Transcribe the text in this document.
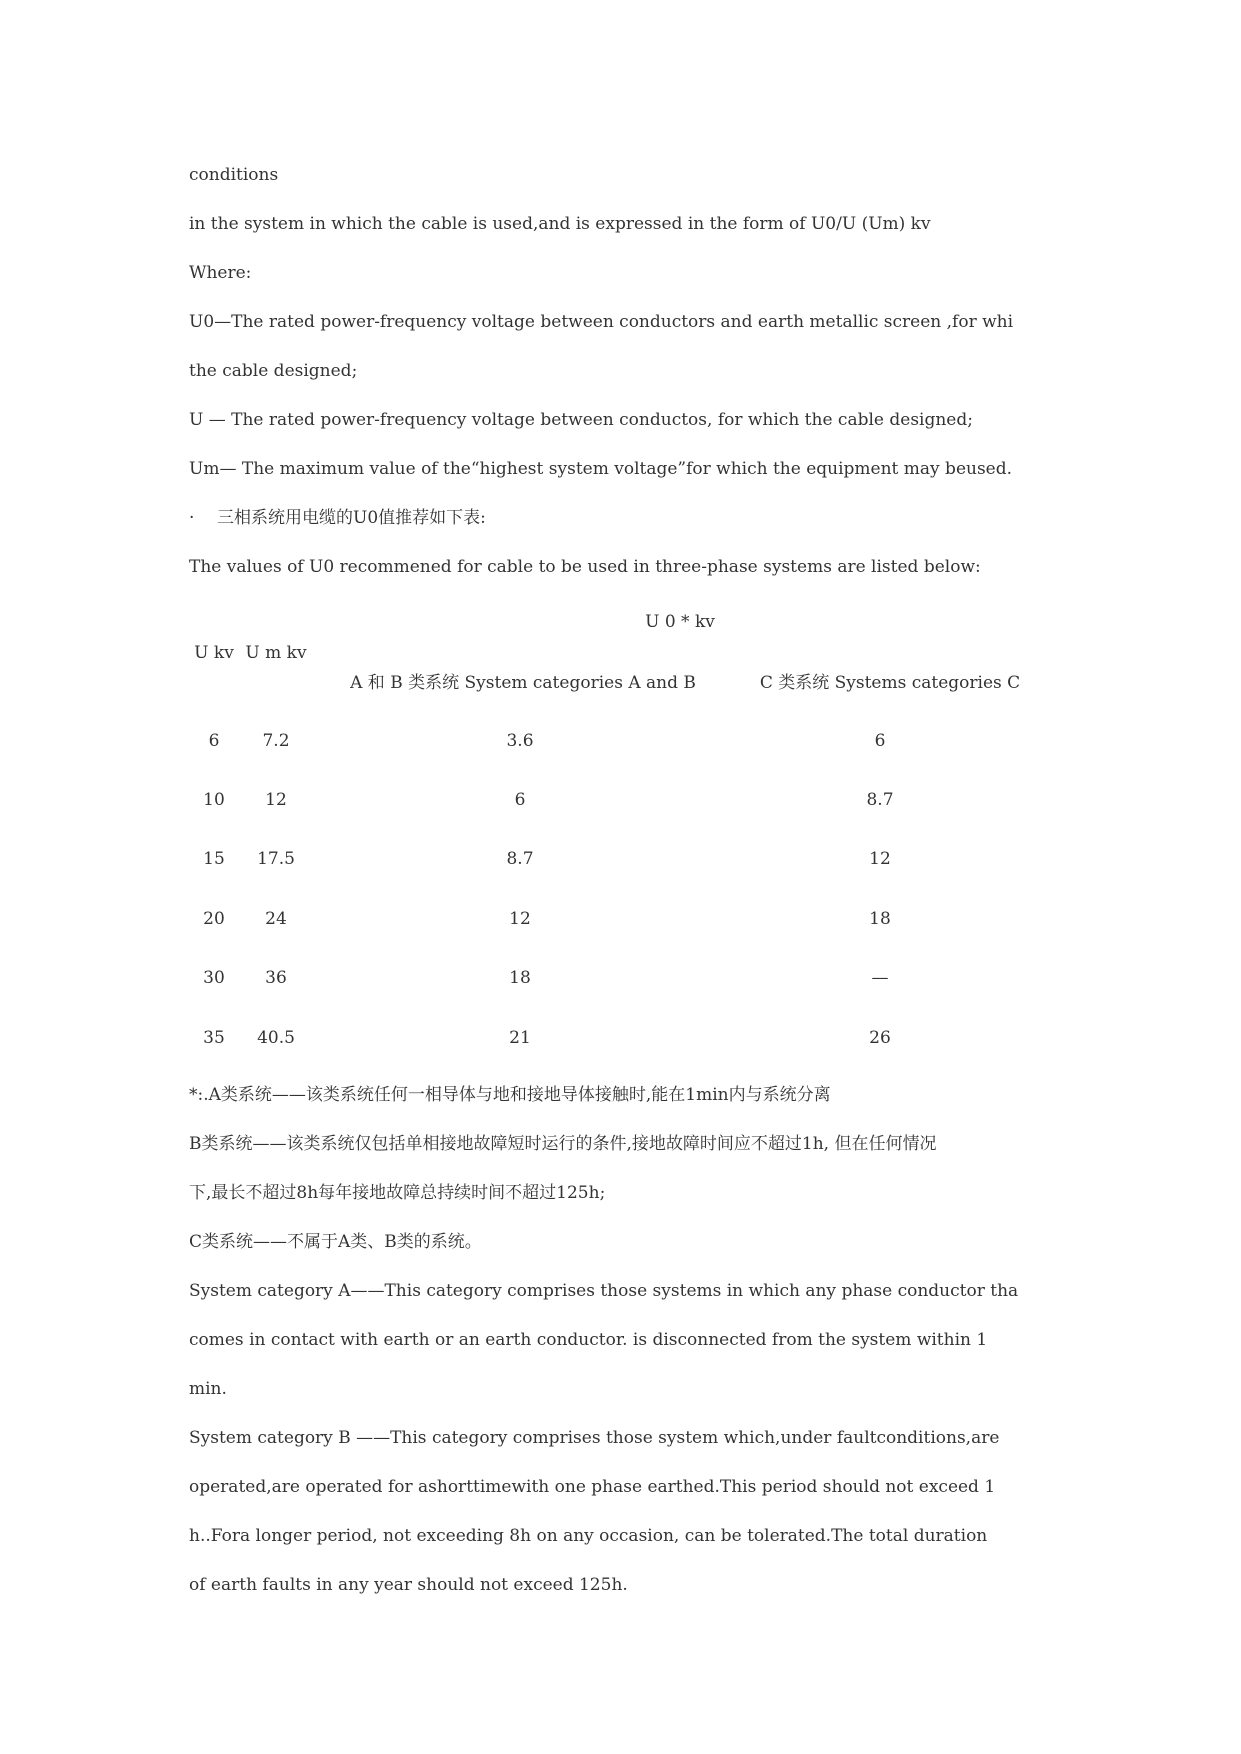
conditions
in the system in which the cable is used,and is expressed in the form of U0/U (Um) kv
Where:
U0—The rated power-frequency voltage between conductors and earth metallic screen ,for whi
the cable designed;
U — The rated power-frequency voltage between conductos, for which the cable designed;
Um— The maximum value of the“highest system voltage”for which the equipment may beused.
· 三相系统用电缆的U0值推荐如下表:
The values of U0 recommened for cable to be used in three-phase systems are listed below:
U 0 * kv
U kv U m kv
A 和 B 类系统 System categories A and B	C 类系统 Systems categories C
6	7.2	3.6	6
10	12	6	8.7
15	17.5	8.7	12
20	24	12	18
30	36	18	—
35	40.5	21	26
*:.A类系统——该类系统任何一相导体与地和接地导体接触时,能在1min内与系统分离
B类系统——该类系统仅包括单相接地故障短时运行的条件,接地故障时间应不超过1h, 但在任何情况
下,最长不超过8h每年接地故障总持续时间不超过125h;
C类系统——不属于A类、B类的系统。
System category A——This category comprises those systems in which any phase conductor tha
comes in contact with earth or an earth conductor. is disconnected from the system within 1
min.
System category B ——This category comprises those system which,under faultconditions,are
operated,are operated for ashorttimewith one phase earthed.This period should not exceed 1
h..Fora longer period, not exceeding 8h on any occasion, can be tolerated.The total duration
of earth faults in any year should not exceed 125h.
